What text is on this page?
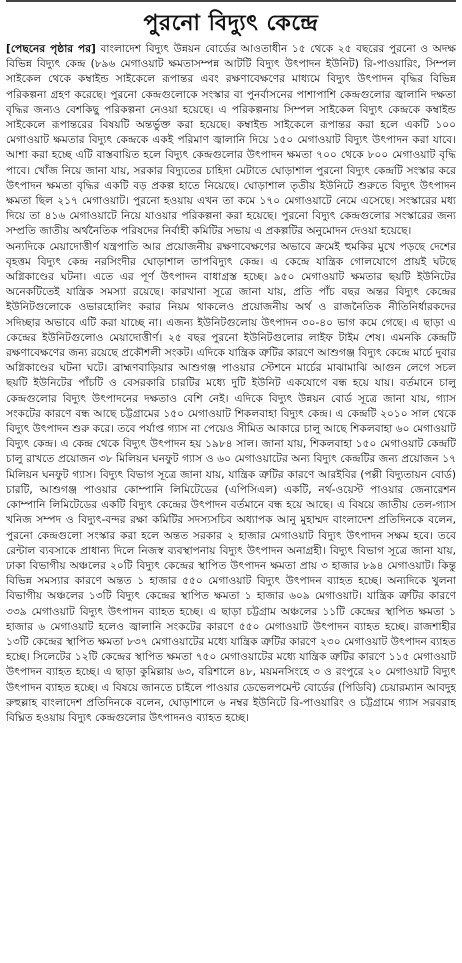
পুরনো বিদ্যুৎ কেন্দ্রে

[পেছনের পৃষ্ঠার পর] বাংলাদেশ বিদ্যুৎ উন্নয়ন বোর্ডের আওতাধীন ১৫ থেকে ২৫ বছরের পুরনো ও অদক্ষ বিভিন্ন বিদ্যুৎ কেন্দ্র (৮৯৬ মেগাওয়াট ক্ষমতাসম্পন্ন আটটি বিদ্যুৎ উৎপাদন ইউনিট) রি-পাওয়ারিং, সিম্পল সাইকেল থেকে কম্বাইন্ড সাইকেলে রূপান্তর এবং রক্ষণাবেক্ষণের মাধ্যমে বিদ্যুৎ উৎপাদন বৃদ্ধির বিভিন্ন পরিকল্পনা গ্রহণ করেছে। পুরনো কেন্দ্রগুলোকে সংস্কার বা পুনর্বাসনের পাশাপাশি কেন্দ্রগুলোর জ্বালানি দক্ষতা বৃদ্ধির জন্যও বেশকিছু পরিকল্পনা নেওয়া হয়েছে। এ পরিকল্পনায় সিম্পল সাইকেল বিদ্যুৎ কেন্দ্রকে কম্বাইন্ড সাইকেলে রূপান্তরের বিষয়টি অন্তর্ভুক্ত করা হয়েছে। কম্বাইন্ড সাইকেলে রূপান্তর করা হলে একটি ১০০ মেগাওয়াট ক্ষমতার বিদ্যুৎ কেন্দ্রকে একই পরিমাণ জ্বালানি দিয়ে ১৫০ মেগাওয়াট বিদ্যুৎ উৎপাদন করা যাবে। আশা করা হচ্ছে এটি বাস্তবায়িত হলে বিদ্যুৎ কেন্দ্রগুলোর উৎপাদন ক্ষমতা ৭০০ থেকে ৮০০ মেগাওয়াট বৃদ্ধি পাবে। খোঁজ নিয়ে জানা যায়, সরকার বিদ্যুতের চাহিদা মেটাতে ঘোড়াশাল পুরনো বিদ্যুৎ কেন্দ্রটি সংস্কার করে উৎপাদন ক্ষমতা বৃদ্ধির একটি বড় প্রকল্প হাতে নিয়েছে। ঘোড়াশাল তৃতীয় ইউনিটে শুরুতে বিদ্যুৎ উৎপাদন ক্ষমতা ছিল ২১৭ মেগাওয়াট। পুরনো হওয়ায় এখন তা কমে ১৭০ মেগাওয়াটে নেমে এসেছে। সংস্কারের মধ্য দিয়ে তা ৪১৬ মেগাওয়াটে নিয়ে যাওয়ার পরিকল্পনা করা হয়েছে। পুরনো বিদ্যুৎ কেন্দ্রগুলোর সংস্কারের জন্য সম্প্রতি জাতীয় অর্থনৈতিক পরিষদের নির্বাহী কমিটির সভায় এ প্রকল্পটির অনুমোদন দেওয়া হয়েছে।

অন্যদিকে মেয়াদোত্তীর্ণ যন্ত্রপাতি আর প্রয়োজনীয় রক্ষণাবেক্ষণের অভাবে ক্রমেই হুমকির মুখে পড়ছে দেশের বৃহত্তম বিদ্যুৎ কেন্দ্র নরসিংদীর ঘোড়াশাল তাপবিদ্যুৎ কেন্দ্র। এ কেন্দ্রে যান্ত্রিক গোলযোগে প্রায়ই ঘটছে অগ্নিকাণ্ডের ঘটনা। এতে এর পূর্ণ উৎপাদন বাধাগ্রস্ত হচ্ছে। ৯৫০ মেগাওয়াট ক্ষমতার ছয়টি ইউনিটের অনেকটিতেই যান্ত্রিক সমস্যা রয়েছে। কারখানা সূত্রে জানা যায়, প্রতি পাঁচ বছর অন্তর বিদ্যুৎ কেন্দ্রের ইউনিটগুলোকে ওভারহোলিং করার নিয়ম থাকলেও প্রয়োজনীয় অর্থ ও রাজনৈতিক নীতিনির্ধারকদের সদিচ্ছার অভাবে এটি করা যাচ্ছে না। এজন্য ইউনিটগুলোয় উৎপাদন ৩০-৪০ ভাগ কমে গেছে। এ ছাড়া এ কেন্দ্রের ইউনিটগুলোও মেয়াদোত্তীর্ণ। ২৫ বছর পুরনো ইউনিটগুলোর লাইফ টাইম শেষ। এমনকি কেন্দ্রটি রক্ষণাবেক্ষণের জন্য রয়েছে প্রকৌশলী সংকট। এদিকে যান্ত্রিক ত্রুটির কারণে আশুগঞ্জ বিদ্যুৎ কেন্দ্রে মার্চে দুবার অগ্নিকাণ্ডের ঘটনা ঘটে। ব্রাহ্মণবাড়িয়ার আশুগঞ্জ পাওয়ার স্টেশনে মার্চের মাঝামাঝি আগুন লেগে সচল ছয়টি ইউনিটের পাঁচটি ও বেসরকারি চারটির মধ্যে দুটি ইউনিট একযোগে বন্ধ হয়ে যায়। বর্তমানে চালু কেন্দ্রগুলোর বিদ্যুৎ উৎপাদনের দক্ষতাও বেশি নেই। এদিকে বিদ্যুৎ উন্নয়ন বোর্ড সূত্রে জানা যায়, গ্যাস সংকটের কারণে বন্ধ আছে চট্টগ্রামের ১৫০ মেগাওয়াট শিকলবাহা বিদ্যুৎ কেন্দ্র। এ কেন্দ্রটি ২০১০ সাল থেকে বিদ্যুৎ উৎপাদন শুরু করে। তবে পর্যাপ্ত গ্যাস না পেয়েও সীমিত আকারে চালু আছে শিকলবাহা ৬০ মেগাওয়াট বিদ্যুৎ কেন্দ্র। এ কেন্দ্র থেকে বিদ্যুৎ উৎপাদন হয় ১৯৮৪ সাল। জানা যায়, শিকলবাহা ১৫০ মেগাওয়াট কেন্দ্রটি চালু রাখতে প্রয়োজন ৩৮ মিলিয়ন ঘনফুট গ্যাস ও ৬০ মেগাওয়াটের অন্য বিদ্যুৎ কেন্দ্রটির জন্য প্রয়োজন ১৭ মিলিয়ন ঘনফুট গ্যাস। বিদ্যুৎ বিভাগ সূত্রে জানা যায়, যান্ত্রিক ত্রুটির কারণে আরইবির (পল্লী বিদ্যুতায়ন বোর্ড) চারটি, আশুগঞ্জ পাওয়ার কোম্পানি লিমিটেডের (এপিসিএল) একটি, নর্থ-ওয়েস্ট পাওয়ার জেনারেশন কোম্পানি লিমিটেডের একটি বিদ্যুৎ কেন্দ্রের উৎপাদন বর্তমানে বন্ধ হয়ে আছে। এ বিষয়ে জাতীয় তেল-গ্যাস খনিজ সম্পদ ও বিদ্যুৎ-বন্দর রক্ষা কমিটির সদস্যসচিব অধ্যাপক আনু মুহাম্মদ বাংলাদেশ প্রতিদিনকে বলেন, পুরনো কেন্দ্রগুলো সংস্কার করা হলে অন্তত সরকার ২ হাজার মেগাওয়াট বিদ্যুৎ উৎপাদন সক্ষম হবে। তবে রেন্টাল ব্যবসাকে প্রাধান্য দিলে নিজস্ব ব্যবস্থাপনায় বিদ্যুৎ উৎপাদন অনাগ্রহী। বিদ্যুৎ বিভাগ সূত্রে জানা যায়, ঢাকা বিভাগীয় অঞ্চলের ২০টি বিদ্যুৎ কেন্দ্রের স্থাপিত উৎপাদন ক্ষমতা প্রায় ৩ হাজার ৮৯৪ মেগাওয়াট। কিন্তু বিভিন্ন সমস্যার কারণে অন্তত ১ হাজার ৫৫০ মেগাওয়াট বিদ্যুৎ উৎপাদন ব্যাহত হচ্ছে। অন্যদিকে খুলনা বিভাগীয় অঞ্চলের ১৩টি বিদ্যুৎ কেন্দ্রের স্থাপিত ক্ষমতা ১ হাজার ৬০৯ মেগাওয়াট। যান্ত্রিক ত্রুটির কারণে ৩৩৯ মেগাওয়াট বিদ্যুৎ উৎপাদন ব্যাহত হচ্ছে। এ ছাড়া চট্টগ্রাম অঞ্চলের ১১টি কেন্দ্রের স্থাপিত ক্ষমতা ১ হাজার ৬ মেগাওয়াট হলেও জ্বালানি সংকটের কারণে ৫৫০ মেগাওয়াট উৎপাদন ব্যাহত হচ্ছে। রাজশাহীর ১৩টি কেন্দ্রের স্থাপিত ক্ষমতা ৮৩৭ মেগাওয়াটের মধ্যে যান্ত্রিক ত্রুটির কারণে ২৩০ মেগাওয়াট উৎপাদন ব্যাহত হচ্ছে। সিলেটের ১২টি কেন্দ্রের স্থাপিত ক্ষমতা ৭৫০ মেগাওয়াটের মধ্যে যান্ত্রিক ত্রুটির কারণে ১১৫ মেগাওয়াট উৎপাদন ব্যাহত হচ্ছে। এ ছাড়া কুমিল্লায় ৬৩, বরিশালে ৪৮, ময়মনসিংহে ৩ ও রংপুরে ২০ মেগাওয়াট বিদ্যুৎ উৎপাদন ব্যাহত হচ্ছে। এ বিষয়ে জানতে চাইলে পাওয়ার ডেভেলপমেন্ট বোর্ডের (পিডিবি) চেয়ারম্যান আবদুহ রুহুল্লাহ বাংলাদেশ প্রতিদিনকে বলেন, ঘোড়াশালে ৬ নম্বর ইউনিটে রি-পাওয়ারিং ও চট্টগ্রামে গ্যাস সরবরাহ বিঘ্নিত হওয়ায় বিদ্যুৎ কেন্দ্রগুলোর উৎপাদনও ব্যাহত হচ্ছে।
